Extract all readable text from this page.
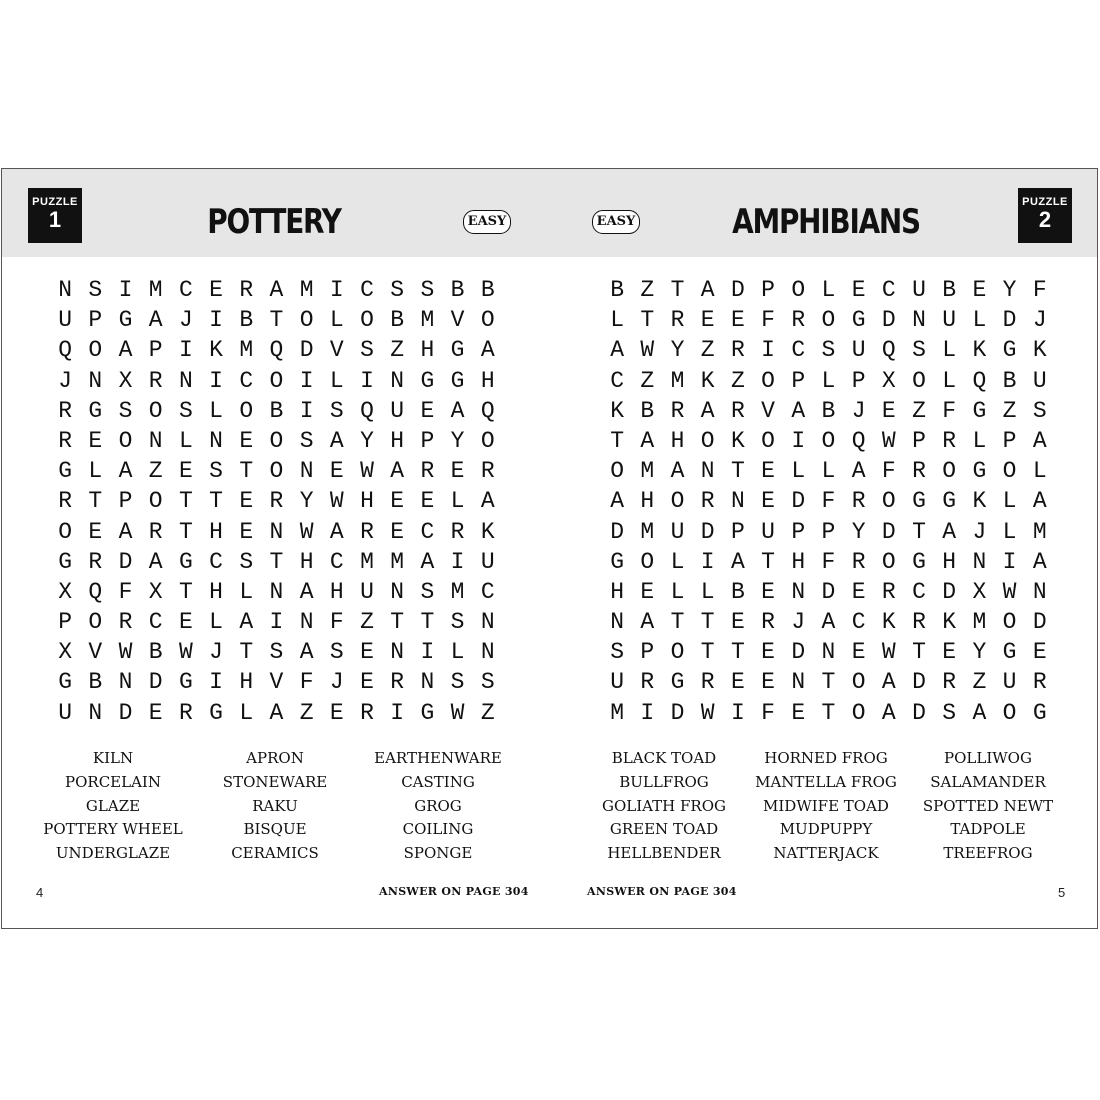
PUZZLE
1	POTTERY	EASY	EASY	AMPHIBIANS	PUZZLE
2
N S I M C E R A M I C S S B B
U P G A J I B T O L O B M V O
Q O A P I K M Q D V S Z H G A
J N X R N I C O I L I N G G H
R G S O S L O B I S Q U E A Q
R E O N L N E O S A Y H P Y O
G L A Z E S T O N E W A R E R
R T P O T T E R Y W H E E L A
O E A R T H E N W A R E C R K
G R D A G C S T H C M M A I U
X Q F X T H L N A H U N S M C
P O R C E L A I N F Z T T S N
X V W B W J T S A S E N I L N
G B N D G I H V F J E R N S S
U N D E R G L A Z E R I G W Z
B Z T A D P O L E C U B E Y F
L T R E E F R O G D N U L D J
A W Y Z R I C S U Q S L K G K
C Z M K Z O P L P X O L Q B U
K B R A R V A B J E Z F G Z S
T A H O K O I O Q W P R L P A
O M A N T E L L A F R O G O L
A H O R N E D F R O G G K L A
D M U D P U P P Y D T A J L M
G O L I A T H F R O G H N I A
H E L L B E N D E R C D X W N
N A T T E R J A C K R K M O D
S P O T T E D N E W T E Y G E
U R G R E E N T O A D R Z U R
M I D W I F E T O A D S A O G
KILN
PORCELAIN
GLAZE
POTTERY WHEEL
UNDERGLAZE
APRON
STONEWARE
RAKU
BISQUE
CERAMICS
EARTHENWARE
CASTING
GROG
COILING
SPONGE
BLACK TOAD
BULLFROG
GOLIATH FROG
GREEN TOAD
HELLBENDER
HORNED FROG
MANTELLA FROG
MIDWIFE TOAD
MUDPUPPY
NATTERJACK
POLLIWOG
SALAMANDER
SPOTTED NEWT
TADPOLE
TREEFROG
4	ANSWER ON PAGE 304	ANSWER ON PAGE 304	5
